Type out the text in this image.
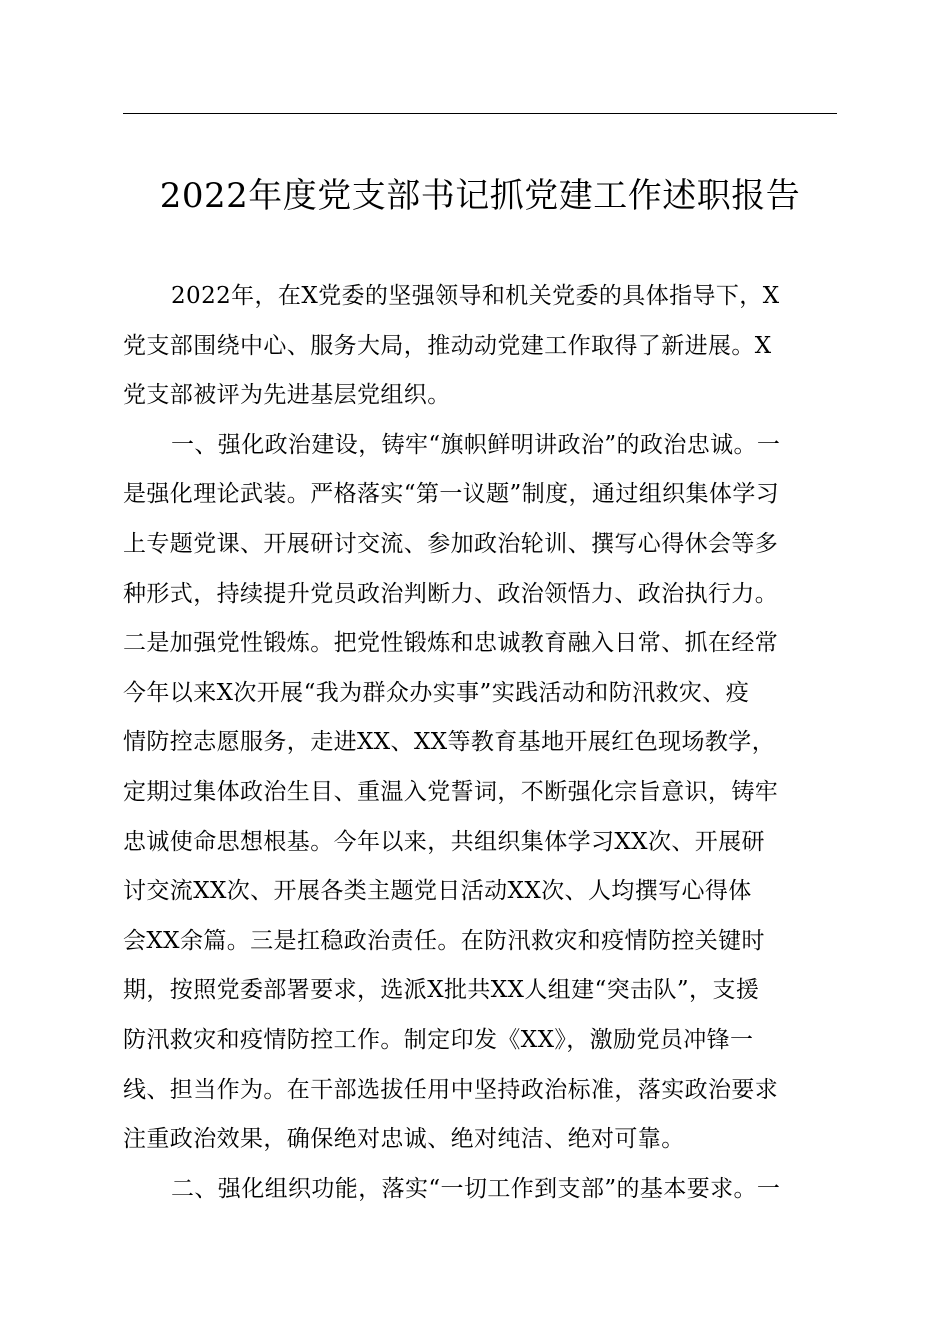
2022年度党支部书记抓党建工作述职报告
2022年，在X党委的坚强领导和机关党委的具体指导下，X
党支部围绕中心、服务大局，推动动党建工作取得了新进展。X
党支部被评为先进基层党组织。
一、强化政治建设，铸牢“旗帜鲜明讲政治”的政治忠诚。一
是强化理论武装。严格落实“第一议题”制度，通过组织集体学习
上专题党课、开展研讨交流、参加政治轮训、撰写心得休会等多
种形式，持续提升党员政治判断力、政治领悟力、政治执行力。
二是加强党性锻炼。把党性锻炼和忠诚教育融入日常、抓在经常
今年以来X次开展“我为群众办实事”实践活动和防汛救灾、疫
情防控志愿服务，走进XX、XX等教育基地开展红色现场教学，
定期过集体政治生目、重温入党誓词，不断强化宗旨意识，铸牢
忠诚使命思想根基。今年以来，共组织集体学习XX次、开展研
讨交流XX次、开展各类主题党日活动XX次、人均撰写心得体
会XX余篇。三是扛稳政治责任。在防汛救灾和疫情防控关键时
期，按照党委部署要求，选派X批共XX人组建“突击队”，支援
防汛救灾和疫情防控工作。制定印发《XX》，激励党员冲锋一
线、担当作为。在干部选拔任用中坚持政治标准，落实政治要求
注重政治效果，确保绝对忠诚、绝对纯洁、绝对可靠。
二、强化组织功能，落实“一切工作到支部”的基本要求。一
